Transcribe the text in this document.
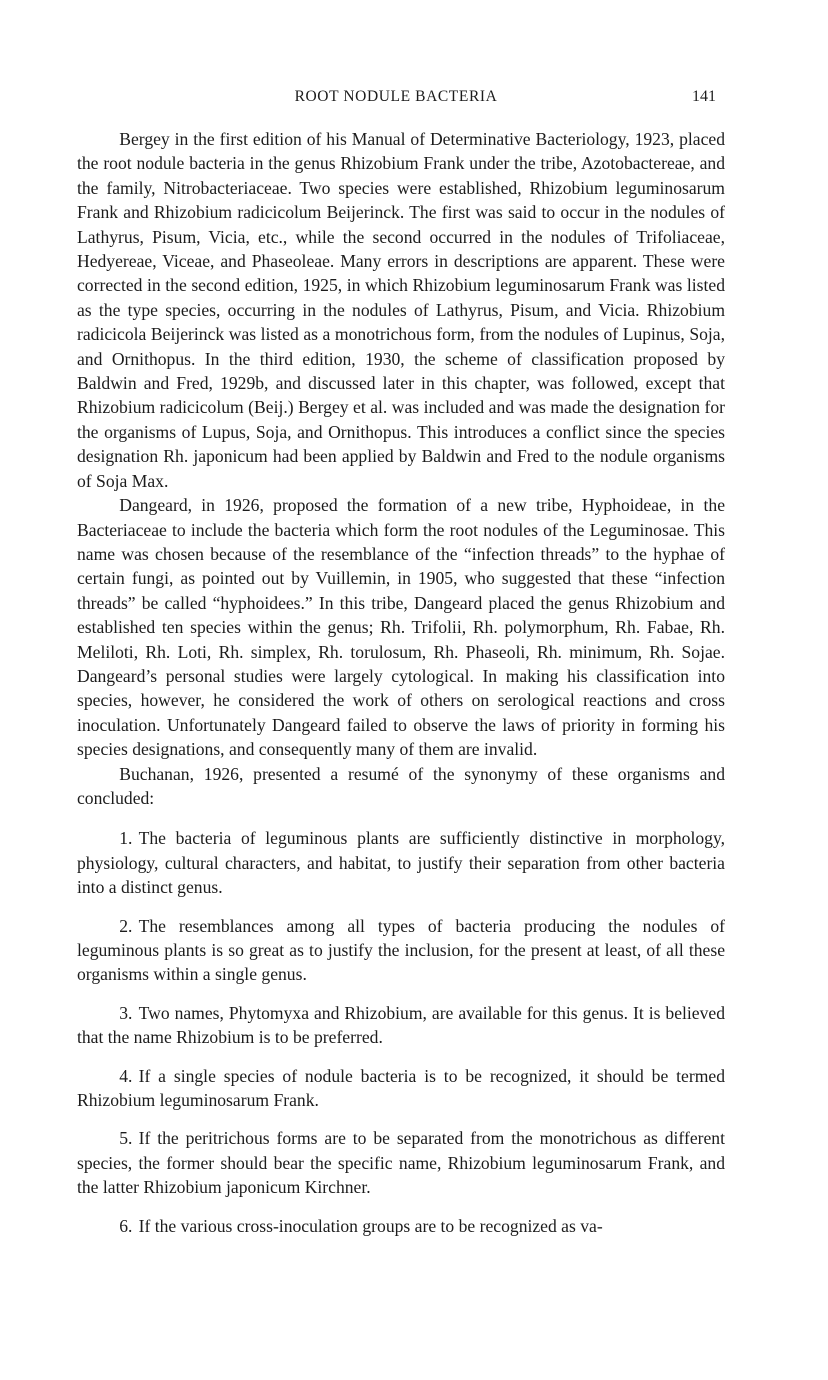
ROOT NODULE BACTERIA	141

Bergey in the first edition of his Manual of Determinative Bacteriology, 1923, placed the root nodule bacteria in the genus Rhizobium Frank under the tribe, Azotobactereae, and the family, Nitrobacteriaceae. Two species were established, Rhizobium leguminosarum Frank and Rhizobium radicicolum Beijerinck. The first was said to occur in the nodules of Lathyrus, Pisum, Vicia, etc., while the second occurred in the nodules of Trifoliaceae, Hedyereae, Viceae, and Phaseoleae. Many errors in descriptions are apparent. These were corrected in the second edition, 1925, in which Rhizobium leguminosarum Frank was listed as the type species, occurring in the nodules of Lathyrus, Pisum, and Vicia. Rhizobium radicicola Beijerinck was listed as a monotrichous form, from the nodules of Lupinus, Soja, and Ornithopus. In the third edition, 1930, the scheme of classification proposed by Baldwin and Fred, 1929b, and discussed later in this chapter, was followed, except that Rhizobium radicicolum (Beij.) Bergey et al. was included and was made the designation for the organisms of Lupus, Soja, and Ornithopus. This introduces a conflict since the species designation Rh. japonicum had been applied by Baldwin and Fred to the nodule organisms of Soja Max.

Dangeard, in 1926, proposed the formation of a new tribe, Hyphoideae, in the Bacteriaceae to include the bacteria which form the root nodules of the Leguminosae. This name was chosen because of the resemblance of the “infection threads” to the hyphae of certain fungi, as pointed out by Vuillemin, in 1905, who suggested that these “infection threads” be called “hyphoidees.” In this tribe, Dangeard placed the genus Rhizobium and established ten species within the genus; Rh. Trifolii, Rh. polymorphum, Rh. Fabae, Rh. Meliloti, Rh. Loti, Rh. simplex, Rh. torulosum, Rh. Phaseoli, Rh. minimum, Rh. Sojae. Dangeard’s personal studies were largely cytological. In making his classification into species, however, he considered the work of others on serological reactions and cross inoculation. Unfortunately Dangeard failed to observe the laws of priority in forming his species designations, and consequently many of them are invalid.

Buchanan, 1926, presented a resumé of the synonymy of these organisms and concluded:

1. The bacteria of leguminous plants are sufficiently distinctive in morphology, physiology, cultural characters, and habitat, to justify their separation from other bacteria into a distinct genus.
2. The resemblances among all types of bacteria producing the nodules of leguminous plants is so great as to justify the inclusion, for the present at least, of all these organisms within a single genus.
3. Two names, Phytomyxa and Rhizobium, are available for this genus. It is believed that the name Rhizobium is to be preferred.
4. If a single species of nodule bacteria is to be recognized, it should be termed Rhizobium leguminosarum Frank.
5. If the peritrichous forms are to be separated from the monotrichous as different species, the former should bear the specific name, Rhizobium leguminosarum Frank, and the latter Rhizobium japonicum Kirchner.
6. If the various cross-inoculation groups are to be recognized as va-
